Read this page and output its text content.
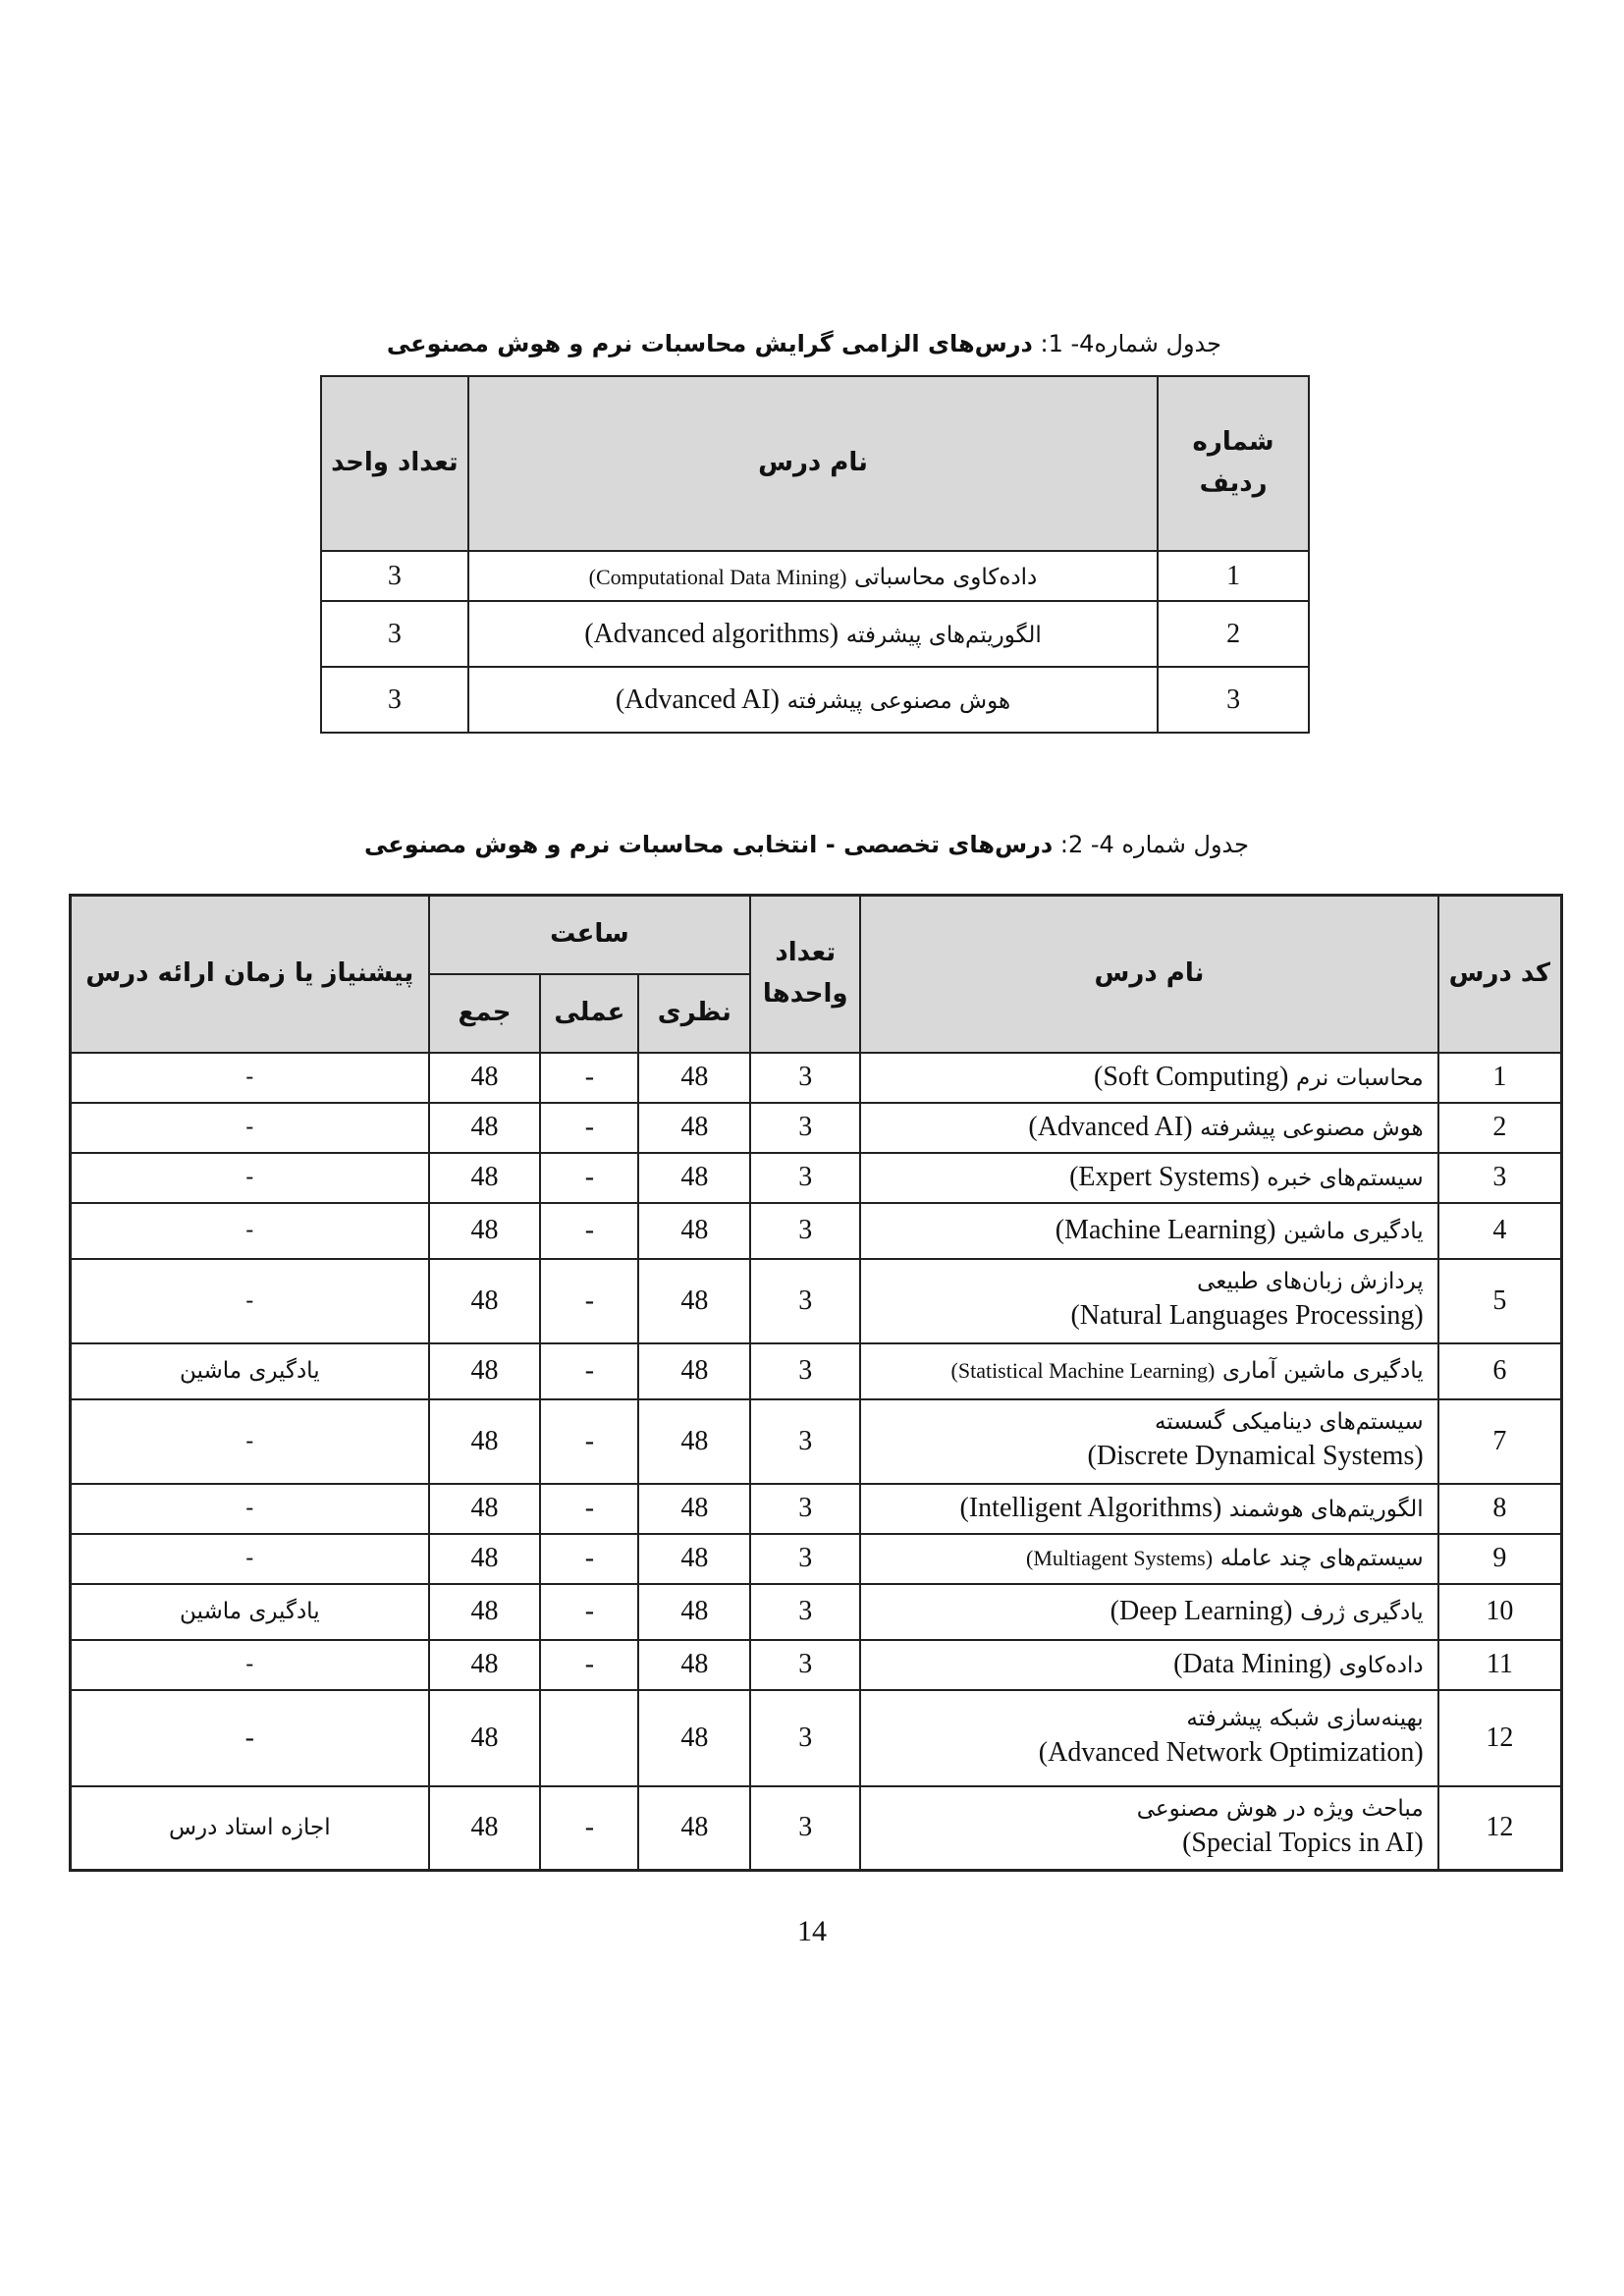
جدول شماره4- 1: درس‌های الزامی گرایش محاسبات نرم و هوش مصنوعی
شماره ردیف	نام درس	تعداد واحد
1	داده‌کاوی محاسباتی (Computational Data Mining)	3
2	الگوریتم‌های پیشرفته (Advanced algorithms)	3
3	هوش مصنوعی پیشرفته (Advanced AI)	3
جدول شماره 4- 2: درس‌های تخصصی - انتخابی محاسبات نرم و هوش مصنوعی
کد درس	نام درس	تعداد واحدها	ساعت			پیشنیاز یا زمان ارائه درس
			نظری	عملی	جمع	
1	محاسبات نرم (Soft Computing)	3	48	-	48	-
2	هوش مصنوعی پیشرفته (Advanced AI)	3	48	-	48	-
3	سیستم‌های خبره (Expert Systems)	3	48	-	48	-
4	یادگیری ماشین (Machine Learning)	3	48	-	48	-
5	پردازش زبان‌های طبیعی
(Natural Languages Processing)	3	48	-	48	-
6	یادگیری ماشین آماری (Statistical Machine Learning)	3	48	-	48	یادگیری ماشین
7	سیستم‌های دینامیکی گسسته
(Discrete Dynamical Systems)	3	48	-	48	-
8	الگوریتم‌های هوشمند (Intelligent Algorithms)	3	48	-	48	-
9	سیستم‌های چند عامله (Multiagent Systems)	3	48	-	48	-
10	یادگیری ژرف (Deep Learning)	3	48	-	48	یادگیری ماشین
11	داده‌کاوی (Data Mining)	3	48	-	48	-
12	بهینه‌سازی شبکه پیشرفته
(Advanced Network Optimization)	3	48		48	-
12	مباحث ویژه در هوش مصنوعی
(Special Topics in AI)	3	48	-	48	اجازه استاد درس
14
